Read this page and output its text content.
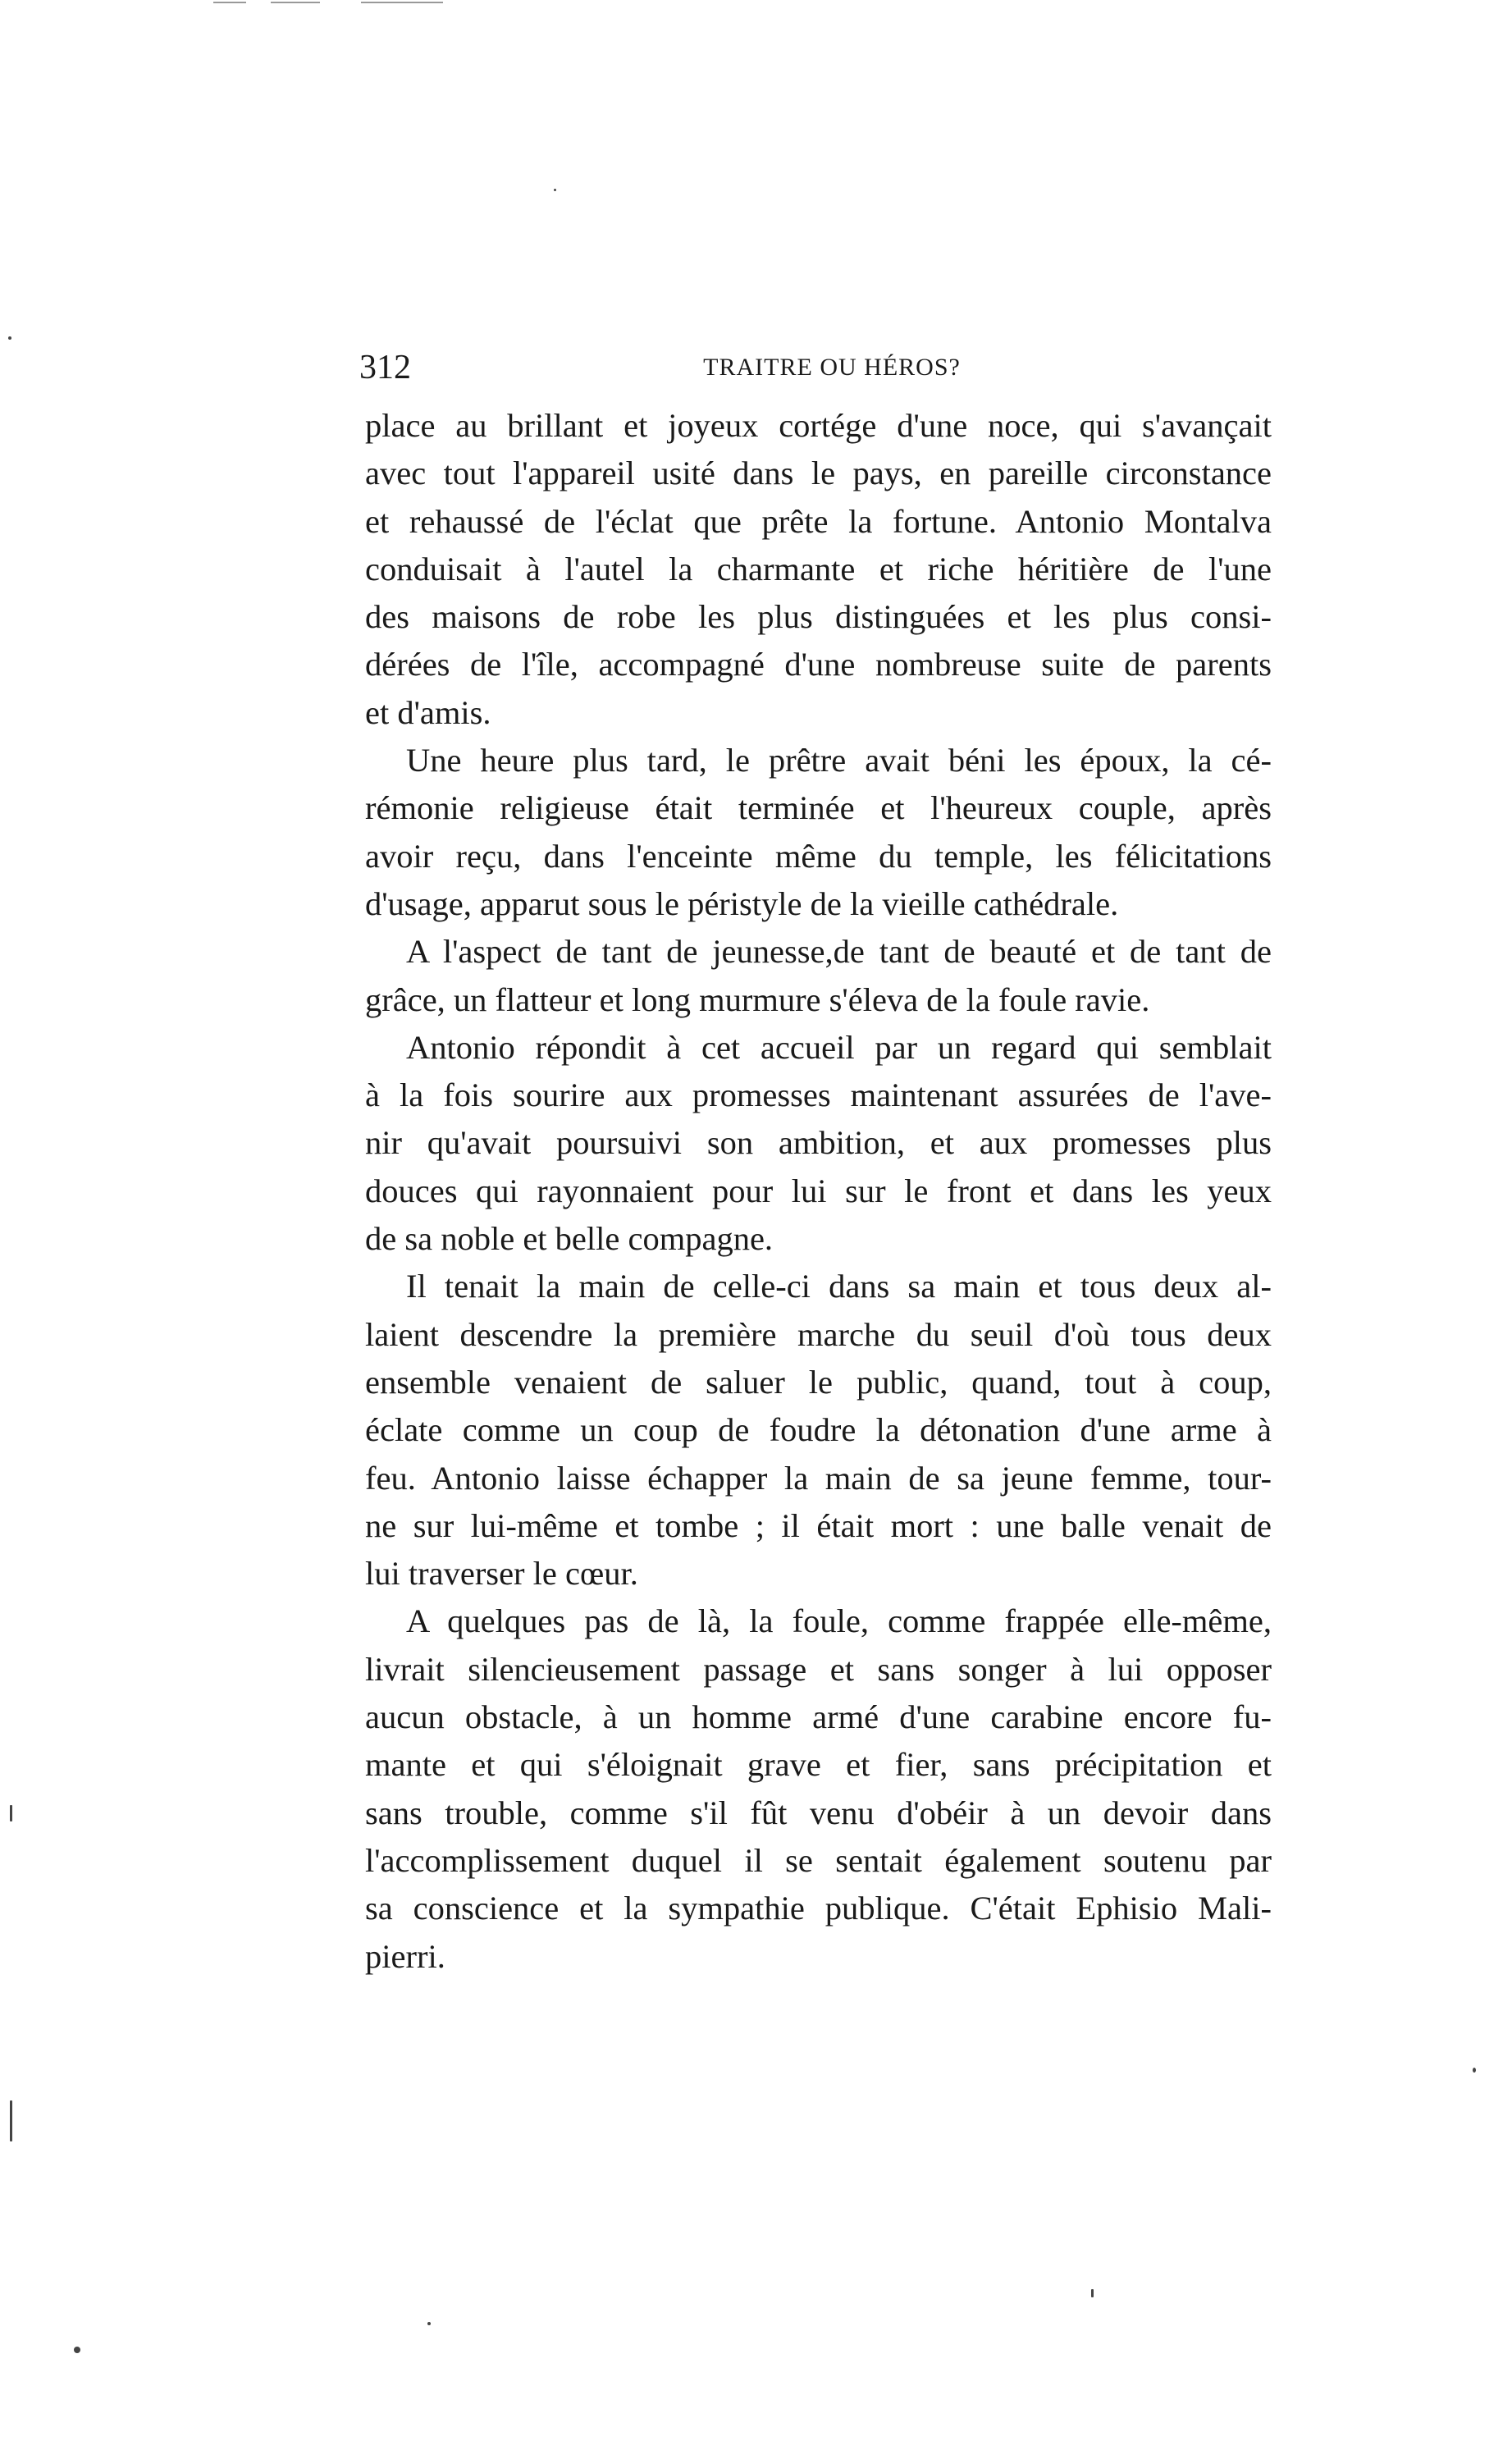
312	TRAITRE OU HÉROS?
place au brillant et joyeux cortége d'une noce, qui s'avançait
avec tout l'appareil usité dans le pays, en pareille circonstance
et rehaussé de l'éclat que prête la fortune. Antonio Montalva
conduisait à l'autel la charmante et riche héritière de l'une
des maisons de robe les plus distinguées et les plus consi-
dérées de l'île, accompagné d'une nombreuse suite de parents
et d'amis.
Une heure plus tard, le prêtre avait béni les époux, la cé-
rémonie religieuse était terminée et l'heureux couple, après
avoir reçu, dans l'enceinte même du temple, les félicitations
d'usage, apparut sous le péristyle de la vieille cathédrale.
A l'aspect de tant de jeunesse,de tant de beauté et de tant de
grâce, un flatteur et long murmure s'éleva de la foule ravie.
Antonio répondit à cet accueil par un regard qui semblait
à la fois sourire aux promesses maintenant assurées de l'ave-
nir qu'avait poursuivi son ambition, et aux promesses plus
douces qui rayonnaient pour lui sur le front et dans les yeux
de sa noble et belle compagne.
Il tenait la main de celle-ci dans sa main et tous deux al-
laient descendre la première marche du seuil d'où tous deux
ensemble venaient de saluer le public, quand, tout à coup,
éclate comme un coup de foudre la détonation d'une arme à
feu. Antonio laisse échapper la main de sa jeune femme, tour-
ne sur lui-même et tombe ; il était mort : une balle venait de
lui traverser le cœur.
A quelques pas de là, la foule, comme frappée elle-même,
livrait silencieusement passage et sans songer à lui opposer
aucun obstacle, à un homme armé d'une carabine encore fu-
mante et qui s'éloignait grave et fier, sans précipitation et
sans trouble, comme s'il fût venu d'obéir à un devoir dans
l'accomplissement duquel il se sentait également soutenu par
sa conscience et la sympathie publique. C'était Ephisio Mali-
pierri.
